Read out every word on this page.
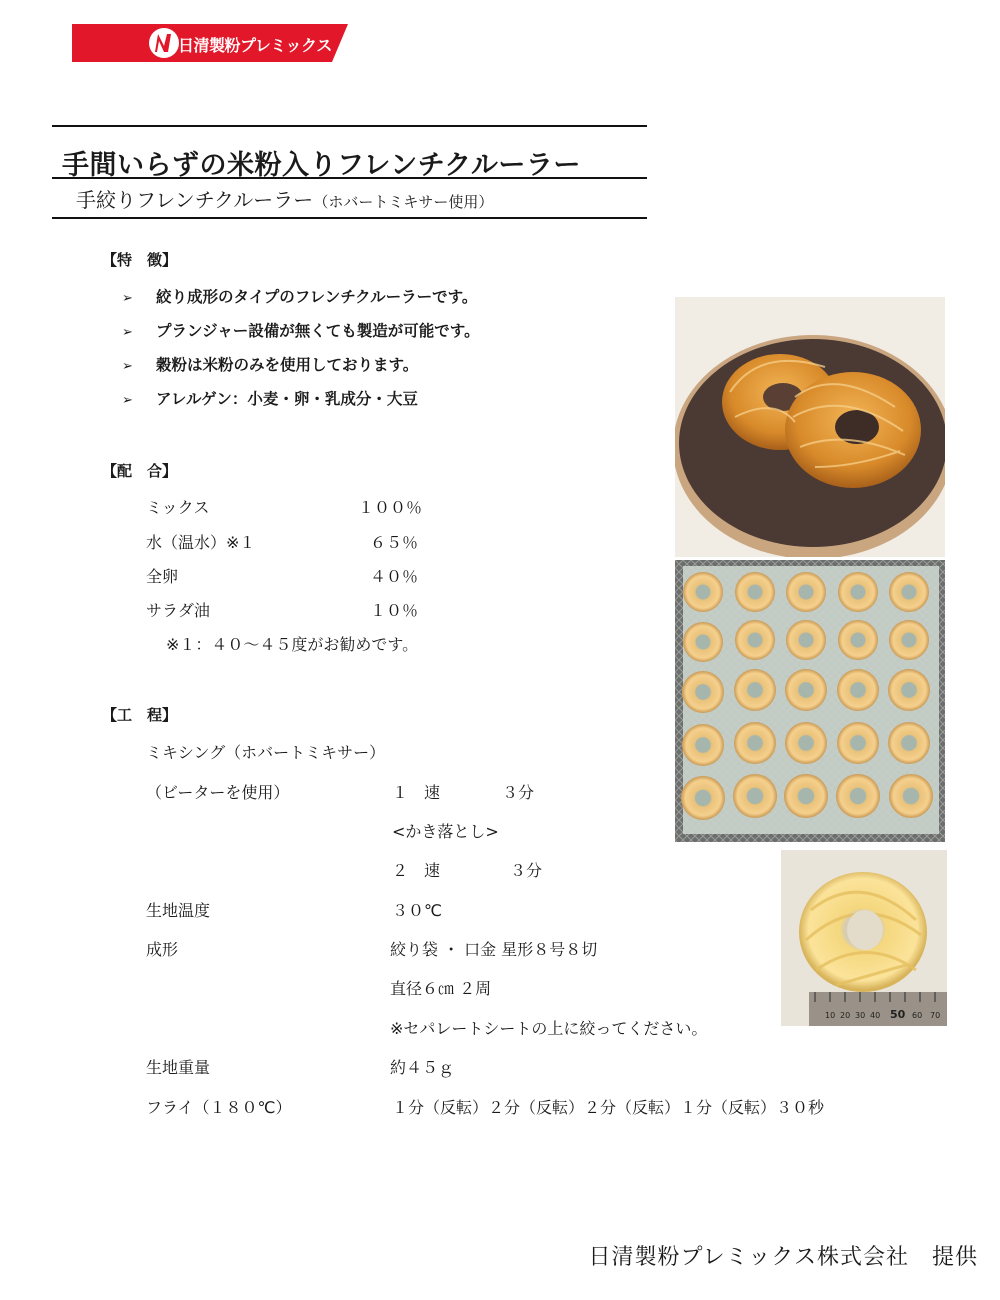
日清製粉プレミックス
手間いらずの米粉入りフレンチクルーラー
手絞りフレンチクルーラー（ホバートミキサー使用）
【特　徴】
➢ 絞り成形のタイプのフレンチクルーラーです。
➢ プランジャー設備が無くても製造が可能です。
➢ 穀粉は米粉のみを使用しております。
➢ アレルゲン：小麦・卵・乳成分・大豆
【配　合】
ミックス	１００％
水（温水）※１	６５％
全卵	４０％
サラダ油	１０％
※１：４０～４５度がお勧めです。
【工　程】
ミキシング（ホバートミキサー）
（ビーターを使用）	１　速	３分
<かき落とし>
２　速	３分
生地温度	３０℃
成形	絞り袋 ・ 口金 星形８号８切
直径６㎝ ２周
※セパレートシートの上に絞ってください。
生地重量	約４５ｇ
フライ（１８０℃）	１分（反転）２分（反転）２分（反転）１分（反転）３０秒
10 20 30 40 50 60 70
日清製粉プレミックス株式会社　提供
